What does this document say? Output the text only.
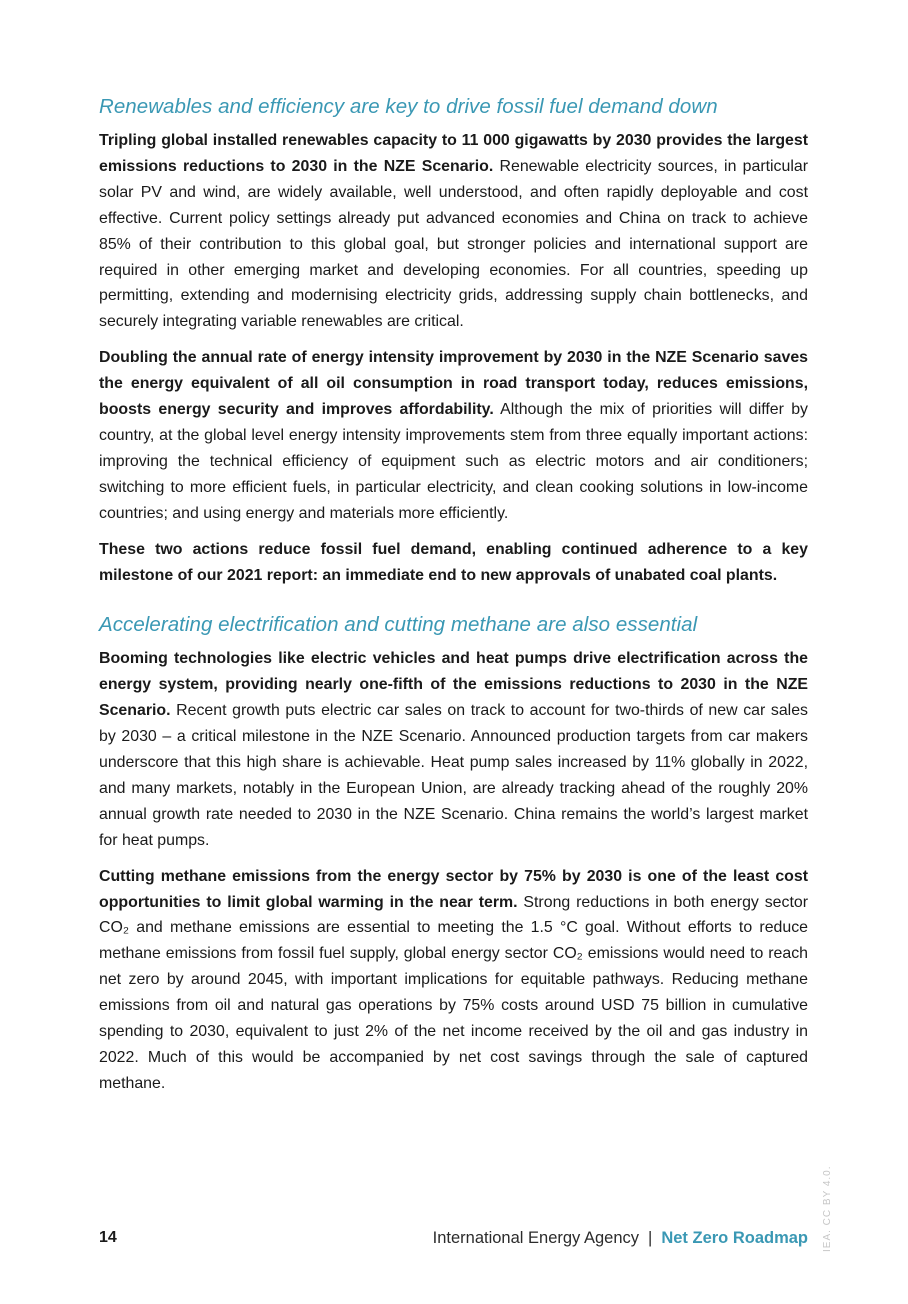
Renewables and efficiency are key to drive fossil fuel demand down

Tripling global installed renewables capacity to 11 000 gigawatts by 2030 provides the largest emissions reductions to 2030 in the NZE Scenario. Renewable electricity sources, in particular solar PV and wind, are widely available, well understood, and often rapidly deployable and cost effective. Current policy settings already put advanced economies and China on track to achieve 85% of their contribution to this global goal, but stronger policies and international support are required in other emerging market and developing economies. For all countries, speeding up permitting, extending and modernising electricity grids, addressing supply chain bottlenecks, and securely integrating variable renewables are critical.

Doubling the annual rate of energy intensity improvement by 2030 in the NZE Scenario saves the energy equivalent of all oil consumption in road transport today, reduces emissions, boosts energy security and improves affordability. Although the mix of priorities will differ by country, at the global level energy intensity improvements stem from three equally important actions: improving the technical efficiency of equipment such as electric motors and air conditioners; switching to more efficient fuels, in particular electricity, and clean cooking solutions in low-income countries; and using energy and materials more efficiently.

These two actions reduce fossil fuel demand, enabling continued adherence to a key milestone of our 2021 report: an immediate end to new approvals of unabated coal plants.

Accelerating electrification and cutting methane are also essential

Booming technologies like electric vehicles and heat pumps drive electrification across the energy system, providing nearly one-fifth of the emissions reductions to 2030 in the NZE Scenario. Recent growth puts electric car sales on track to account for two-thirds of new car sales by 2030 – a critical milestone in the NZE Scenario. Announced production targets from car makers underscore that this high share is achievable. Heat pump sales increased by 11% globally in 2022, and many markets, notably in the European Union, are already tracking ahead of the roughly 20% annual growth rate needed to 2030 in the NZE Scenario. China remains the world’s largest market for heat pumps.

Cutting methane emissions from the energy sector by 75% by 2030 is one of the least cost opportunities to limit global warming in the near term. Strong reductions in both energy sector CO₂ and methane emissions are essential to meeting the 1.5 °C goal. Without efforts to reduce methane emissions from fossil fuel supply, global energy sector CO₂ emissions would need to reach net zero by around 2045, with important implications for equitable pathways. Reducing methane emissions from oil and natural gas operations by 75% costs around USD 75 billion in cumulative spending to 2030, equivalent to just 2% of the net income received by the oil and gas industry in 2022. Much of this would be accompanied by net cost savings through the sale of captured methane.

14	International Energy Agency | Net Zero Roadmap IEA. CC BY 4.0.
